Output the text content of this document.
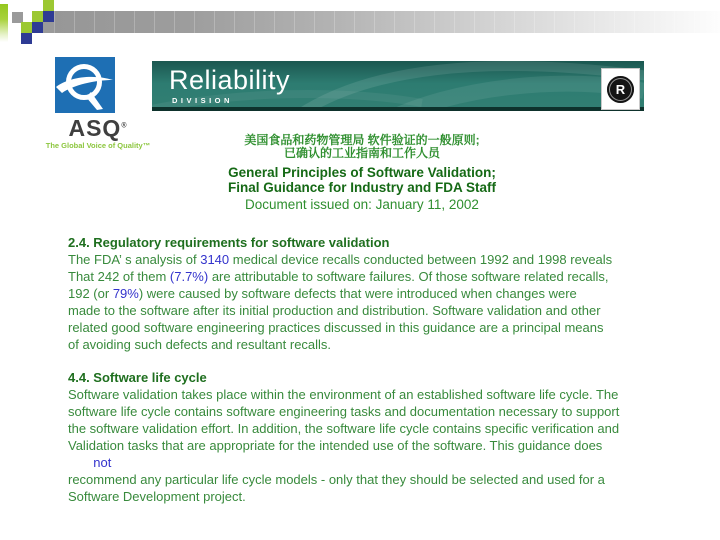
ASQ®
The Global Voice of Quality™
Reliability
DIVISION
R
美国食品和药物管理局 软件验证的一般原则;
已确认的工业指南和工作人员
General Principles of Software Validation;
Final Guidance for Industry and FDA Staff
Document issued on: January 11, 2002
2.4. Regulatory requirements for software validation
The FDA’ s analysis of 3140 medical device recalls conducted between 1992 and 1998 reveals
That 242 of them (7.7%) are attributable to software failures. Of those software related recalls,
192 (or 79%) were caused by software defects that were introduced when changes were
made to the software after its initial production and distribution. Software validation and other
related good software engineering practices discussed in this guidance are a principal means
of avoiding such defects and resultant recalls.
4.4. Software life cycle
Software validation takes place within the environment of an established software life cycle. The
software life cycle contains software engineering tasks and documentation necessary to support
the software validation effort. In addition, the software life cycle contains specific verification and
Validation tasks that are appropriate for the intended use of the software. This guidance does
not
recommend any particular life cycle models - only that they should be selected and used for a
Software Development project.
